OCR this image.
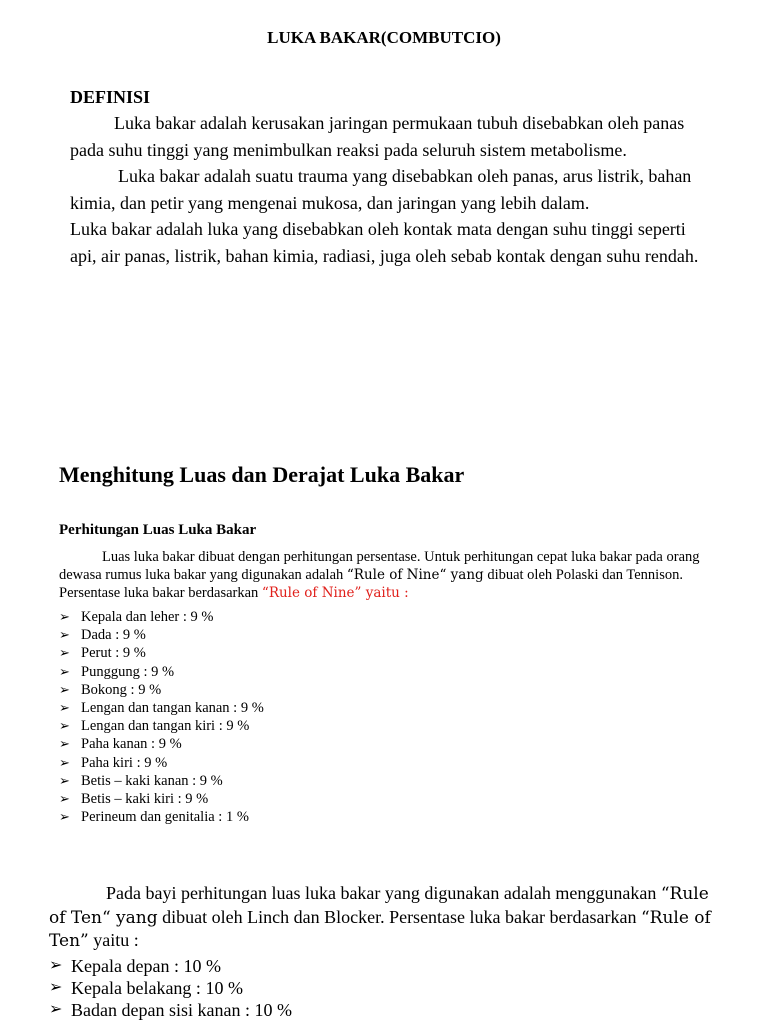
LUKA BAKAR(COMBUTCIO)
DEFINISI

Luka bakar adalah kerusakan jaringan permukaan tubuh disebabkan oleh panas pada suhu tinggi yang menimbulkan reaksi pada seluruh sistem metabolisme.

Luka bakar adalah suatu trauma yang disebabkan oleh panas, arus listrik, bahan kimia, dan petir yang mengenai mukosa, dan jaringan yang lebih dalam.

Luka bakar adalah luka yang disebabkan oleh kontak mata dengan suhu tinggi seperti api, air panas, listrik, bahan kimia, radiasi, juga oleh sebab kontak dengan suhu rendah.

Menghitung Luas dan Derajat Luka Bakar
Perhitungan Luas Luka Bakar

Luas luka bakar dibuat dengan perhitungan persentase. Untuk perhitungan cepat luka bakar pada orang dewasa rumus luka bakar yang digunakan adalah “Rule of Nine“ yang dibuat oleh Polaski dan Tennison. Persentase luka bakar berdasarkan “Rule of Nine” yaitu :

➢ Kepala dan leher : 9 %
➢ Dada : 9 %
➢ Perut : 9 %
➢ Punggung : 9 %
➢ Bokong : 9 %
➢ Lengan dan tangan kanan : 9 %
➢ Lengan dan tangan kiri : 9 %
➢ Paha kanan : 9 %
➢ Paha kiri : 9 %
➢ Betis – kaki kanan : 9 %
➢ Betis – kaki kiri : 9 %
➢ Perineum dan genitalia : 1 %

Pada bayi perhitungan luas luka bakar yang digunakan adalah menggunakan “Rule of Ten“ yang dibuat oleh Linch dan Blocker. Persentase luka bakar berdasarkan “Rule of Ten” yaitu :

➢ Kepala depan : 10 %
➢ Kepala belakang : 10 %
➢ Badan depan sisi kanan : 10 %
